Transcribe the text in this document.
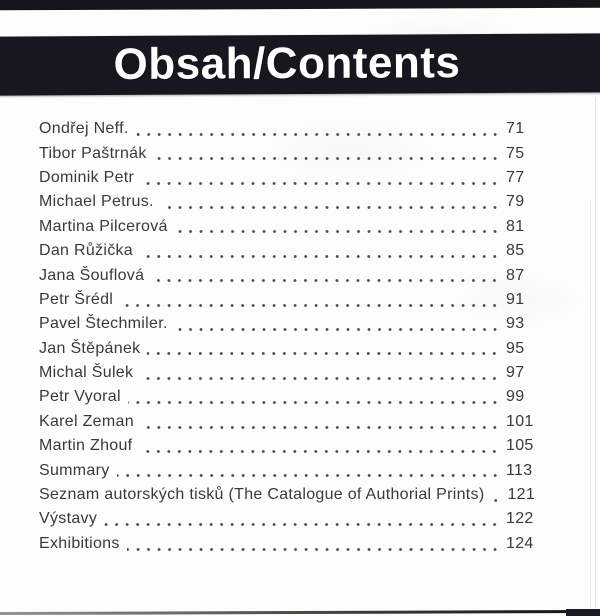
Obsah/Contents
Ondřej Neff.	71
Tibor Paštrnák	75
Dominik Petr	77
Michael Petrus.	79
Martina Pilcerová	81
Dan Růžička	85
Jana Šouflová	87
Petr Šrédl	91
Pavel Štechmiler.	93
Jan Štěpánek	95
Michal Šulek	97
Petr Vyoral	99
Karel Zeman	101
Martin Zhouf	105
Summary	113
Seznam autorských tisků (The Catalogue of Authorial Prints) 121
Výstavy	122
Exhibitions	124
